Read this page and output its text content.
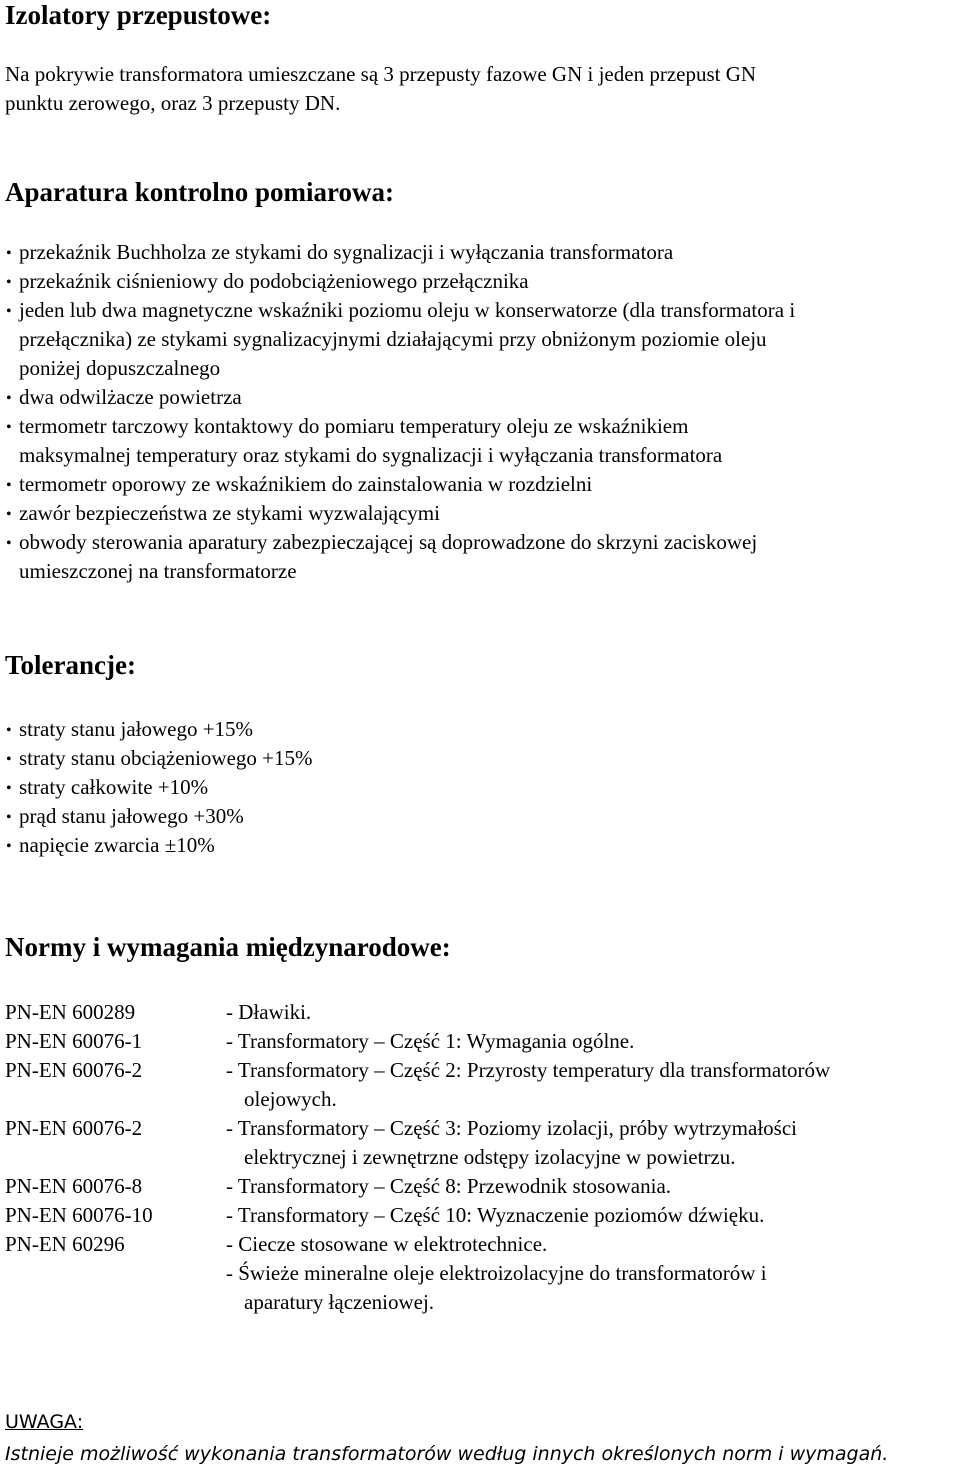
Izolatory przepustowe:
Na pokrywie transformatora umieszczane są 3 przepusty fazowe GN i jeden przepust GN
punktu zerowego, oraz 3 przepusty DN.
Aparatura kontrolno pomiarowa:
• przekaźnik Buchholza ze stykami do sygnalizacji i wyłączania transformatora
• przekaźnik ciśnieniowy do podobciążeniowego przełącznika
• jeden lub dwa magnetyczne wskaźniki poziomu oleju w konserwatorze (dla transformatora i
przełącznika) ze stykami sygnalizacyjnymi działającymi przy obniżonym poziomie oleju
poniżej dopuszczalnego
• dwa odwilżacze powietrza
• termometr tarczowy kontaktowy do pomiaru temperatury oleju ze wskaźnikiem
maksymalnej temperatury oraz stykami do sygnalizacji i wyłączania transformatora
• termometr oporowy ze wskaźnikiem do zainstalowania w rozdzielni
• zawór bezpieczeństwa ze stykami wyzwalającymi
• obwody sterowania aparatury zabezpieczającej są doprowadzone do skrzyni zaciskowej
umieszczonej na transformatorze
Tolerancje:
• straty stanu jałowego +15%
• straty stanu obciążeniowego +15%
• straty całkowite +10%
• prąd stanu jałowego +30%
• napięcie zwarcia ±10%
Normy i wymagania międzynarodowe:
PN-EN 600289	- Dławiki.
PN-EN 60076-1	- Transformatory – Część 1: Wymagania ogólne.
PN-EN 60076-2	- Transformatory – Część 2: Przyrosty temperatury dla transformatorów
olejowych.
PN-EN 60076-2	- Transformatory – Część 3: Poziomy izolacji, próby wytrzymałości
elektrycznej i zewnętrzne odstępy izolacyjne w powietrzu.
PN-EN 60076-8	- Transformatory – Część 8: Przewodnik stosowania.
PN-EN 60076-10	- Transformatory – Część 10: Wyznaczenie poziomów dźwięku.
PN-EN 60296	- Ciecze stosowane w elektrotechnice.
- Świeże mineralne oleje elektroizolacyjne do transformatorów i
aparatury łączeniowej.
UWAGA:
Istnieje możliwość wykonania transformatorów według innych określonych norm i wymagań.
